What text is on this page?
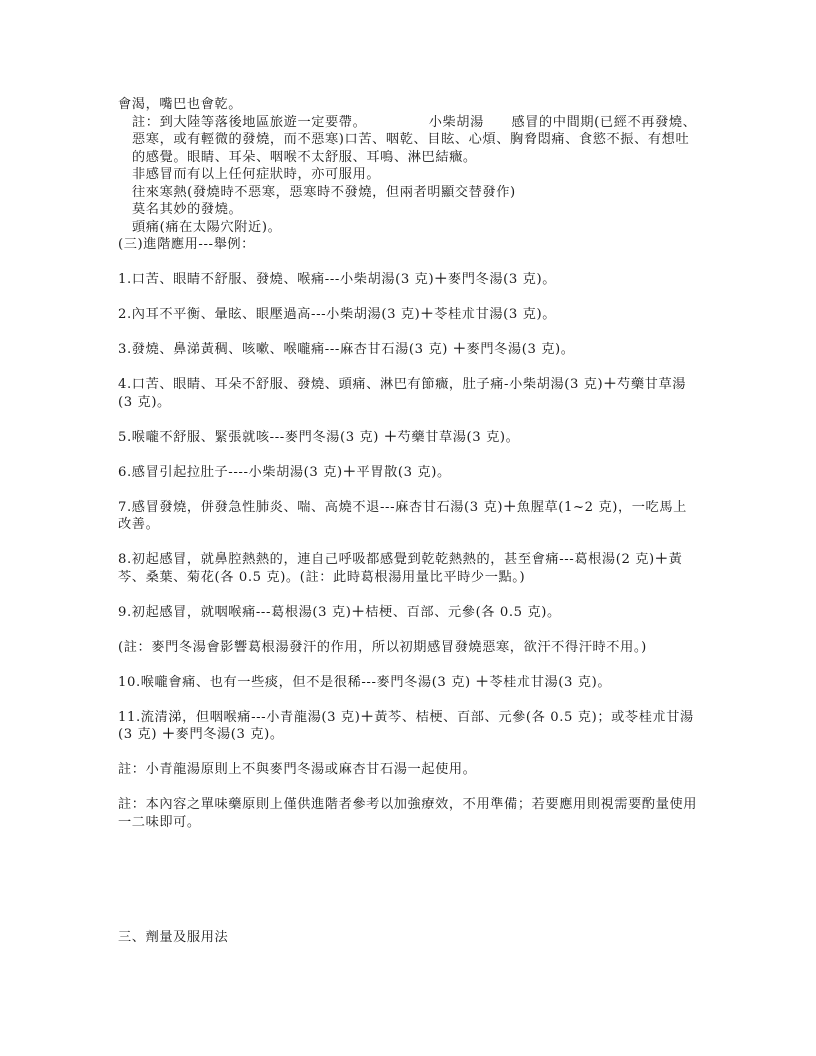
會渴，嘴巴也會乾。

註：到大陸等落後地區旅遊一定要帶。　　　　　小柴胡湯　　感冒的中間期(已經不再發燒、惡寒，或有輕微的發燒，而不惡寒)口苦、咽乾、目眩、心煩、胸脅悶痛、食慾不振、有想吐的感覺。眼睛、耳朵、咽喉不太舒服、耳鳴、淋巴結癓。

非感冒而有以上任何症狀時，亦可服用。

往來寒熱(發燒時不惡寒，惡寒時不發燒，但兩者明顯交替發作)

莫名其妙的發燒。

頭痛(痛在太陽穴附近)。

(三)進階應用---舉例：

1.口苦、眼睛不舒服、發燒、喉痛---小柴胡湯(3 克)＋麥門冬湯(3 克)。

2.內耳不平衡、暈眩、眼壓過高---小柴胡湯(3 克)＋苓桂朮甘湯(3 克)。

3.發燒、鼻涕黃稠、咳嗽、喉嚨痛---麻杏甘石湯(3 克) ＋麥門冬湯(3 克)。

4.口苦、眼睛、耳朵不舒服、發燒、頭痛、淋巴有節癓，肚子痛-小柴胡湯(3 克)＋芍藥甘草湯(3 克)。

5.喉嚨不舒服、緊張就咳---麥門冬湯(3 克) ＋芍藥甘草湯(3 克)。

6.感冒引起拉肚子----小柴胡湯(3 克)＋平胃散(3 克)。

7.感冒發燒，併發急性肺炎、喘、高燒不退---麻杏甘石湯(3 克)＋魚腥草(1~2 克)，一吃馬上改善。

8.初起感冒，就鼻腔熱熱的，連自己呼吸都感覺到乾乾熱熱的，甚至會痛---葛根湯(2 克)＋黃芩、桑葉、菊花(各 0.5 克)。(註：此時葛根湯用量比平時少一點。)

9.初起感冒，就咽喉痛---葛根湯(3 克)＋桔梗、百部、元參(各 0.5 克)。

(註：麥門冬湯會影響葛根湯發汗的作用，所以初期感冒發燒惡寒，欲汗不得汗時不用。)

10.喉嚨會痛、也有一些痰，但不是很稀---麥門冬湯(3 克) ＋苓桂朮甘湯(3 克)。

11.流清涕，但咽喉痛---小青龍湯(3 克)＋黃芩、桔梗、百部、元參(各 0.5 克)；或苓桂朮甘湯(3 克) ＋麥門冬湯(3 克)。

註：小青龍湯原則上不與麥門冬湯或麻杏甘石湯一起使用。

註：本內容之單味藥原則上僅供進階者參考以加強療效，不用準備；若要應用則視需要酌量使用一二味即可。

三、劑量及服用法
